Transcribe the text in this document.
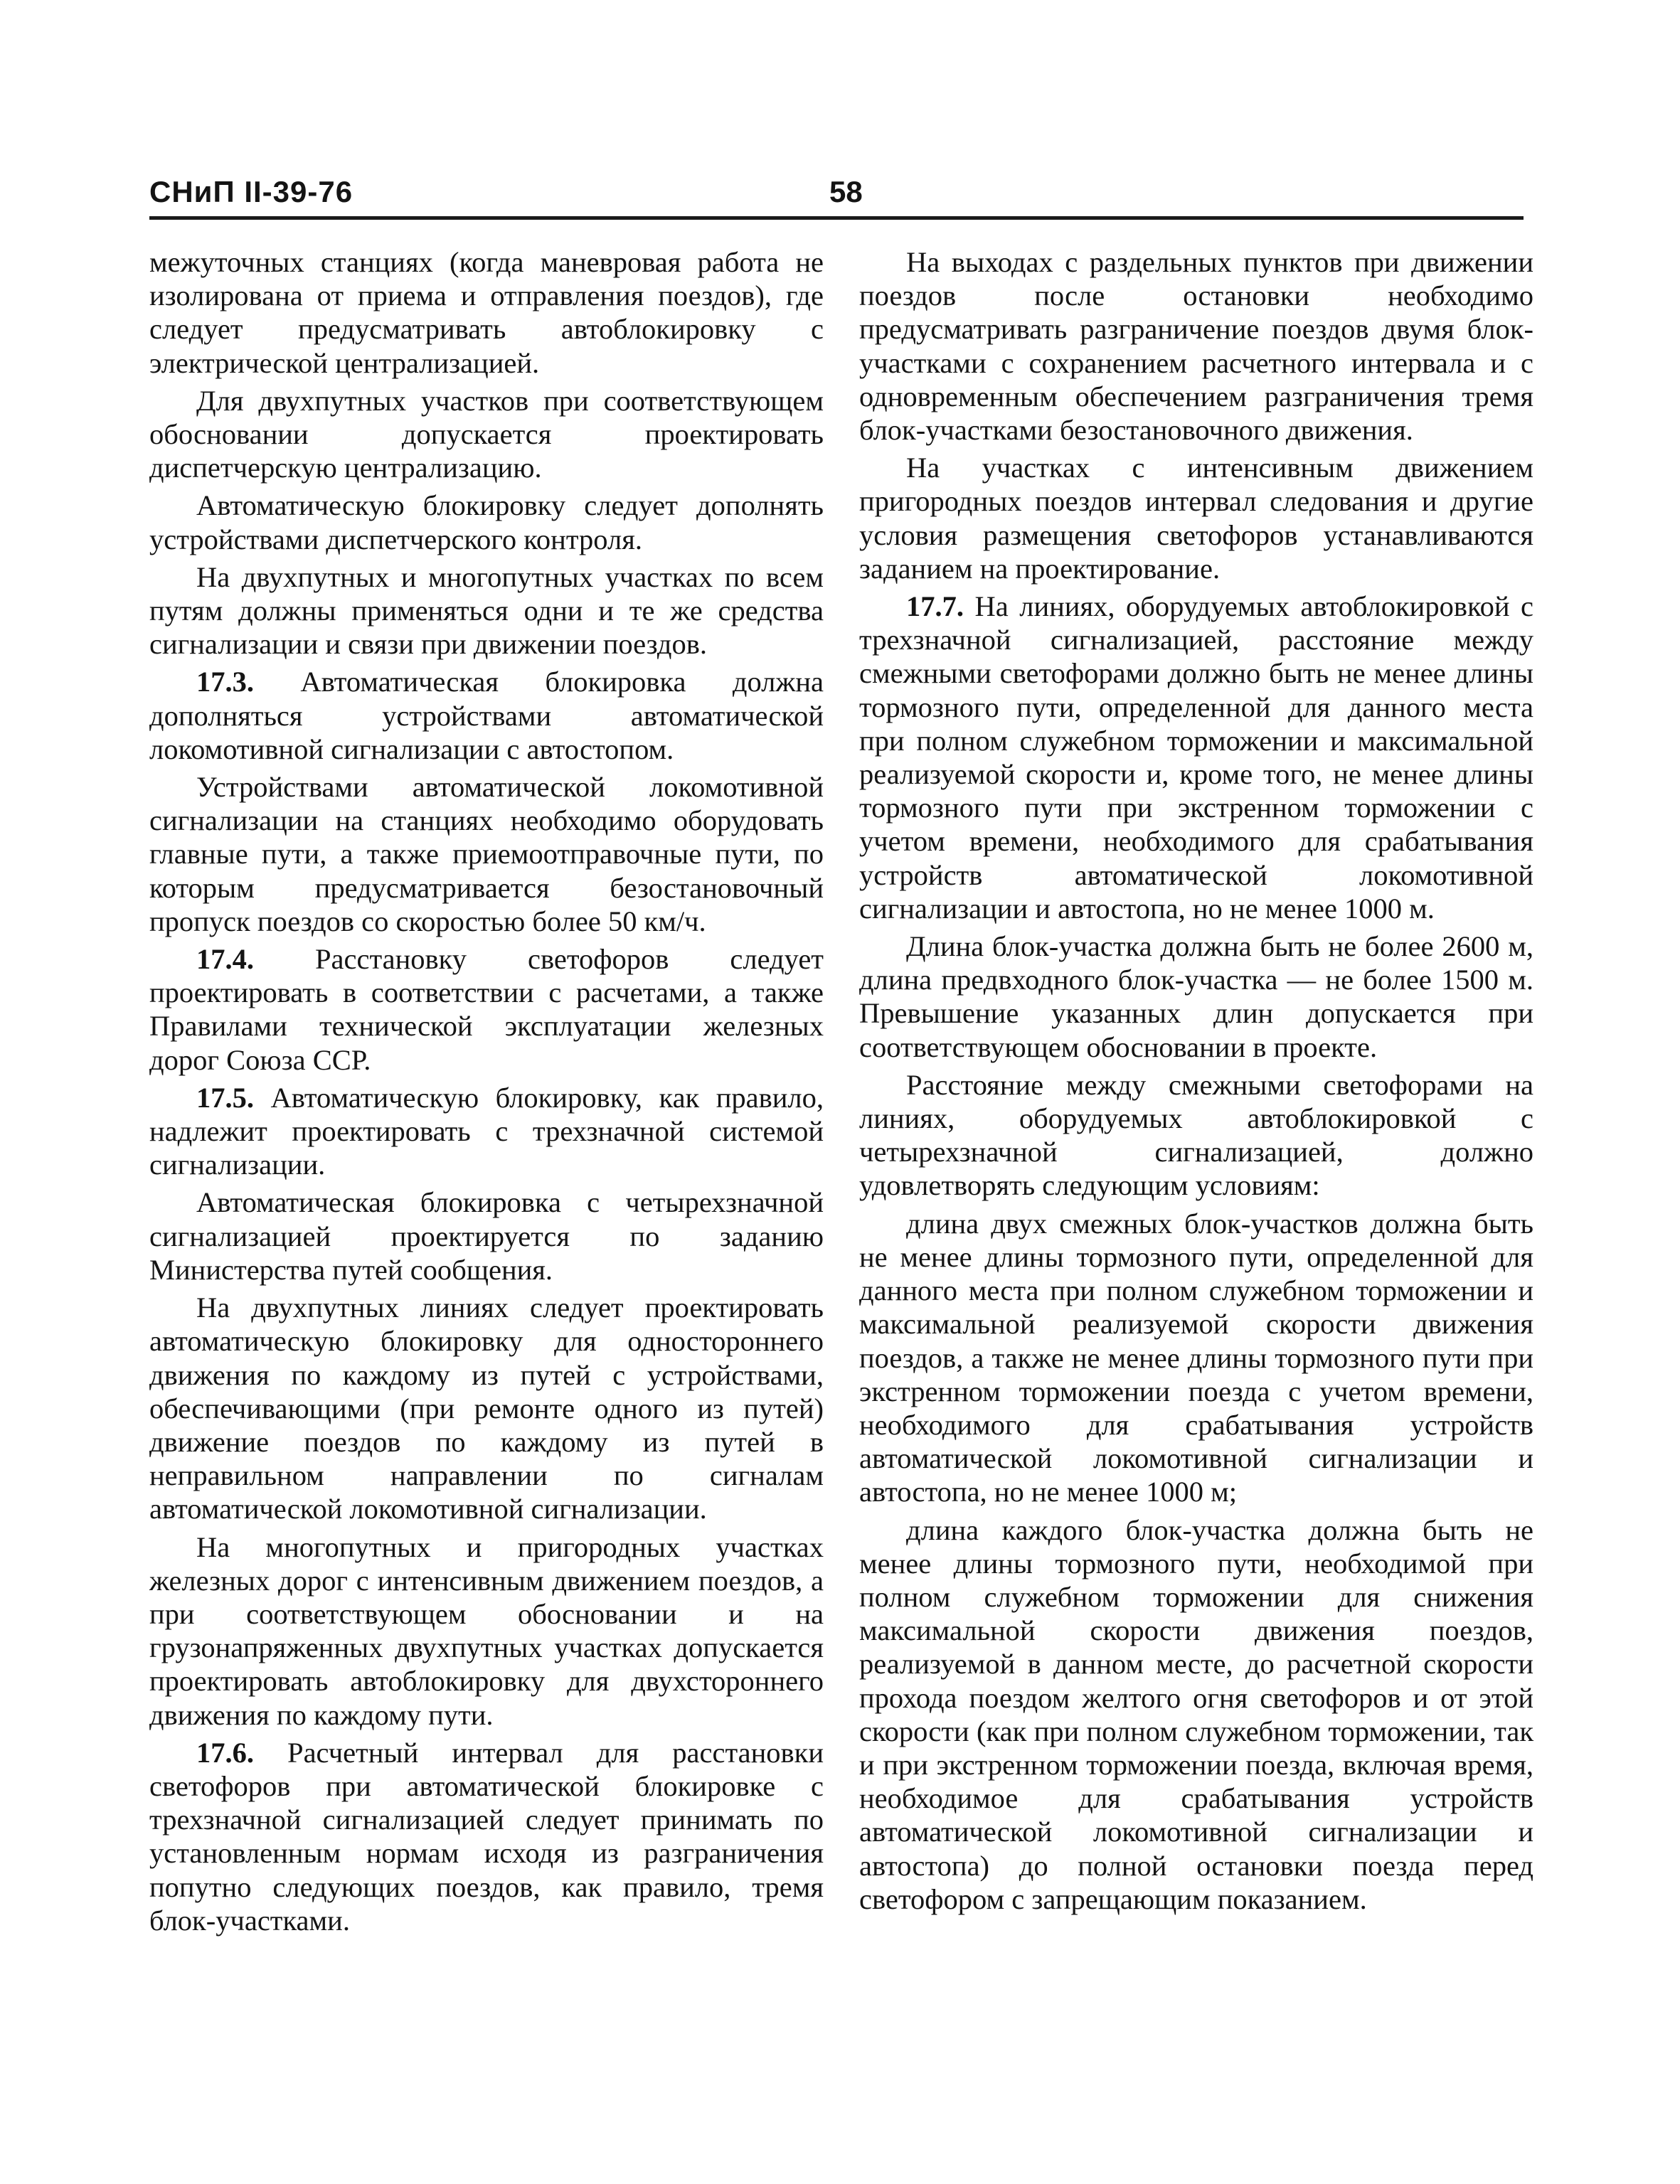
СНиП II-39-76	58

межуточных станциях (когда маневровая работа не изолирована от приема и отправления поездов), где следует предусматривать автоблокировку с электрической централизацией.

Для двухпутных участков при соответствующем обосновании допускается проектировать диспетчерскую централизацию.

Автоматическую блокировку следует дополнять устройствами диспетчерского контроля.

На двухпутных и многопутных участках по всем путям должны применяться одни и те же средства сигнализации и связи при движении поездов.

17.3. Автоматическая блокировка должна дополняться устройствами автоматической локомотивной сигнализации с автостопом.

Устройствами автоматической локомотивной сигнализации на станциях необходимо оборудовать главные пути, а также приемоотправочные пути, по которым предусматривается безостановочный пропуск поездов со скоростью более 50 км/ч.

17.4. Расстановку светофоров следует проектировать в соответствии с расчетами, а также Правилами технической эксплуатации железных дорог Союза ССР.

17.5. Автоматическую блокировку, как правило, надлежит проектировать с трехзначной системой сигнализации.

Автоматическая блокировка с четырехзначной сигнализацией проектируется по заданию Министерства путей сообщения.

На двухпутных линиях следует проектировать автоматическую блокировку для одностороннего движения по каждому из путей с устройствами, обеспечивающими (при ремонте одного из путей) движение поездов по каждому из путей в неправильном направлении по сигналам автоматической локомотивной сигнализации.

На многопутных и пригородных участках железных дорог с интенсивным движением поездов, а при соответствующем обосновании и на грузонапряженных двухпутных участках допускается проектировать автоблокировку для двухстороннего движения по каждому пути.

17.6. Расчетный интервал для расстановки светофоров при автоматической блокировке с трехзначной сигнализацией следует принимать по установленным нормам исходя из разграничения попутно следующих поездов, как правило, тремя блок-участками.

На выходах с раздельных пунктов при движении поездов после остановки необходимо предусматривать разграничение поездов двумя блок-участками с сохранением расчетного интервала и с одновременным обеспечением разграничения тремя блок-участками безостановочного движения.

На участках с интенсивным движением пригородных поездов интервал следования и другие условия размещения светофоров устанавливаются заданием на проектирование.

17.7. На линиях, оборудуемых автоблокировкой с трехзначной сигнализацией, расстояние между смежными светофорами должно быть не менее длины тормозного пути, определенной для данного места при полном служебном торможении и максимальной реализуемой скорости и, кроме того, не менее длины тормозного пути при экстренном торможении с учетом времени, необходимого для срабатывания устройств автоматической локомотивной сигнализации и автостопа, но не менее 1000 м.

Длина блок-участка должна быть не более 2600 м, длина предвходного блок-участка — не более 1500 м. Превышение указанных длин допускается при соответствующем обосновании в проекте.

Расстояние между смежными светофорами на линиях, оборудуемых автоблокировкой с четырехзначной сигнализацией, должно удовлетворять следующим условиям:

длина двух смежных блок-участков должна быть не менее длины тормозного пути, определенной для данного места при полном служебном торможении и максимальной реализуемой скорости движения поездов, а также не менее длины тормозного пути при экстренном торможении поезда с учетом времени, необходимого для срабатывания устройств автоматической локомотивной сигнализации и автостопа, но не менее 1000 м;

длина каждого блок-участка должна быть не менее длины тормозного пути, необходимой при полном служебном торможении для снижения максимальной скорости движения поездов, реализуемой в данном месте, до расчетной скорости прохода поездом желтого огня светофоров и от этой скорости (как при полном служебном торможении, так и при экстренном торможении поезда, включая время, необходимое для срабатывания устройств автоматической локомотивной сигнализации и автостопа) до полной остановки поезда перед светофором с запрещающим показанием.
